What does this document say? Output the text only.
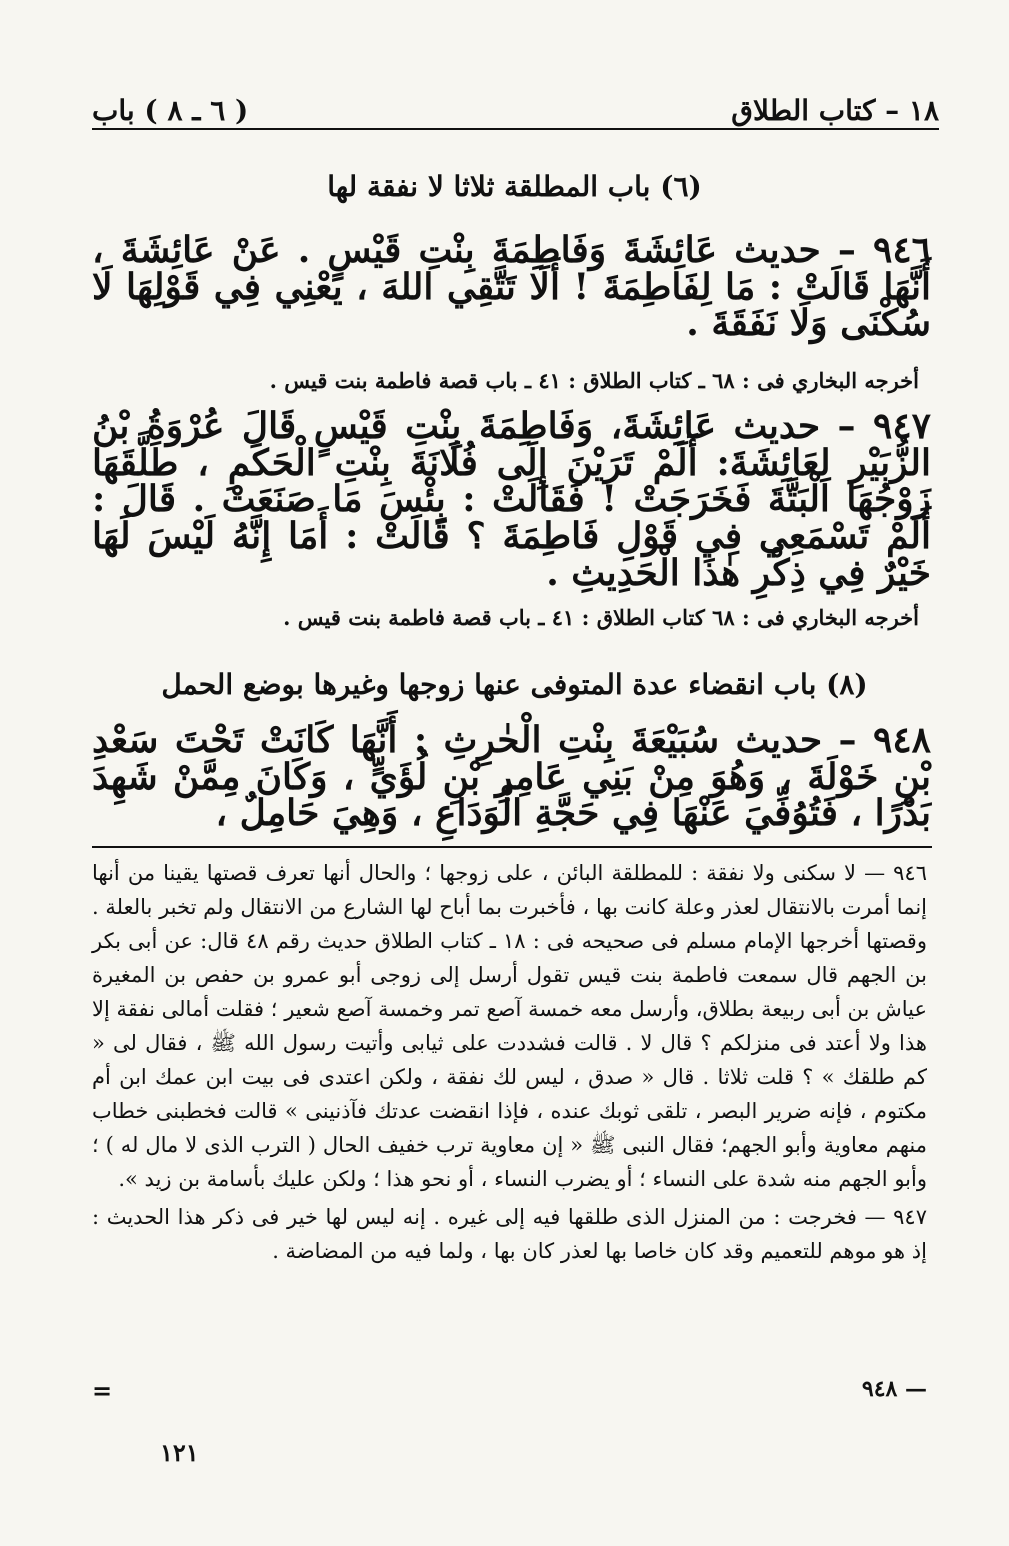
١٨ – كتاب الطلاق
( ٦ ـ ٨ ) باب
(٦) باب المطلقة ثلاثا لا نفقة لها

٩٤٦ – حديث عَائِشَةَ وَفَاطِمَةَ بِنْتِ قَيْسٍ . عَنْ عَائِشَةَ ، أَنَّهَا قَالَتْ : مَا لِفَاطِمَةَ ! أَلَا تَتَّقِي اللهَ ، يَعْنِي فِي قَوْلِهَا لَا سُكْنَى وَلَا نَفَقَةَ .

أخرجه البخاري فى : ٦٨ ـ كتاب الطلاق : ٤١ ـ باب قصة فاطمة بنت قيس .

٩٤٧ – حديث عَائِشَةَ، وَفَاطِمَةَ بِنْتِ قَيْسٍ قَالَ عُرْوَةُ بْنُ الزُّبَيْرِ لِعَائِشَةَ: أَلَمْ تَرَيْنَ إِلَى فُلَانَةَ بِنْتِ الْحَكَمِ ، طَلَّقَهَا زَوْجُهَا الْبَتَّةَ فَخَرَجَتْ ! فَقَالَتْ : بِئْسَ مَا صَنَعَتْ . قَالَ : أَلَمْ تَسْمَعِي فِي قَوْلِ فَاطِمَةَ ؟ قَالَتْ : أَمَا إِنَّهُ لَيْسَ لَهَا خَيْرٌ فِي ذِكْرِ هٰذَا الْحَدِيثِ .

أخرجه البخاري فى : ٦٨ كتاب الطلاق : ٤١ ـ باب قصة فاطمة بنت قيس .
(٨) باب انقضاء عدة المتوفى عنها زوجها وغيرها بوضع الحمل

٩٤٨ – حديث سُبَيْعَةَ بِنْتِ الْحٰرِثِ : أَنَّهَا كَانَتْ تَحْتَ سَعْدِ بْنِ خَوْلَةَ ، وَهُوَ مِنْ بَنِي عَامِرِ بْنِ لُؤَيٍّ ، وَكَانَ مِمَّنْ شَهِدَ بَدْرًا ، فَتُوُفِّيَ عَنْهَا فِي حَجَّةِ الْوَدَاعِ ، وَهِيَ حَامِلٌ ،

٩٤٦ — لا سكنى ولا نفقة : للمطلقة البائن ، على زوجها ؛ والحال أنها تعرف قصتها يقينا من أنها إنما أمرت بالانتقال لعذر وعلة كانت بها ، فأخبرت بما أباح لها الشارع من الانتقال ولم تخبر بالعلة . وقصتها أخرجها الإمام مسلم فى صحيحه فى : ١٨ ـ كتاب الطلاق حديث رقم ٤٨ قال: عن أبى بكر بن الجهم قال سمعت فاطمة بنت قيس تقول أرسل إلى زوجى أبو عمرو بن حفص بن المغيرة عياش بن أبى ربيعة بطلاق، وأرسل معه خمسة آصع تمر وخمسة آصع شعير ؛ فقلت أمالى نفقة إلا هذا ولا أعتد فى منزلكم ؟ قال لا . قالت فشددت على ثيابى وأتيت رسول الله ﷺ ، فقال لى « كم طلقك » ؟ قلت ثلاثا . قال « صدق ، ليس لك نفقة ، ولكن اعتدى فى بيت ابن عمك ابن أم مكتوم ، فإنه ضرير البصر ، تلقى ثوبك عنده ، فإذا انقضت عدتك فآذنينى » قالت فخطبنى خطاب منهم معاوية وأبو الجهم؛ فقال النبى ﷺ « إن معاوية ترب خفيف الحال ( الترب الذى لا مال له ) ؛ وأبو الجهم منه شدة على النساء ؛ أو يضرب النساء ، أو نحو هذا ؛ ولكن عليك بأسامة بن زيد ».

٩٤٧ — فخرجت : من المنزل الذى طلقها فيه إلى غيره . إنه ليس لها خير فى ذكر هذا الحديث : إذ هو موهم للتعميم وقد كان خاصا بها لعذر كان بها ، ولما فيه من المضاضة .

— ٩٤٨
=
١٢١
